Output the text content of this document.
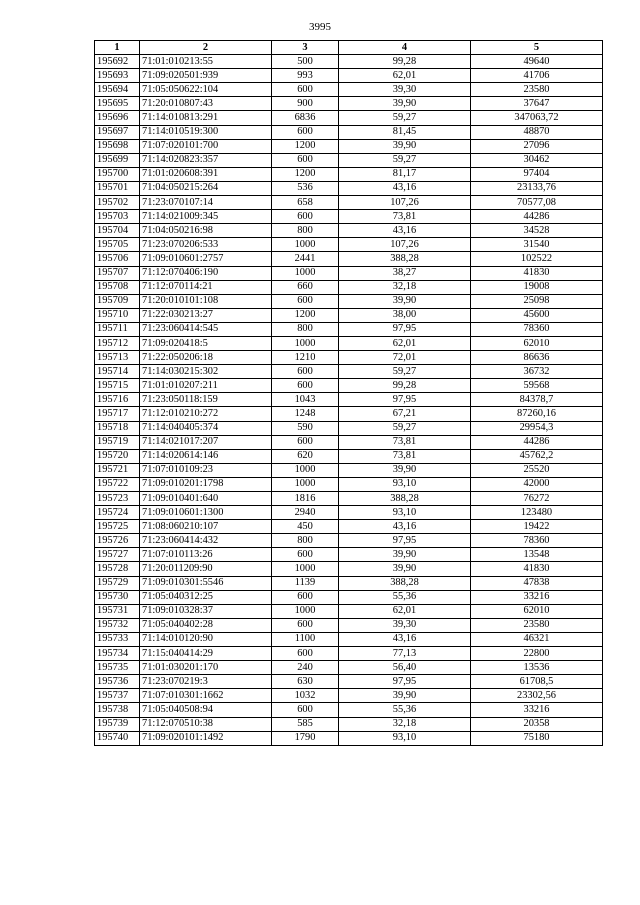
3995
1	2	3	4	5
195692	71:01:010213:55	500	99,28	49640
195693	71:09:020501:939	993	62,01	41706
195694	71:05:050622:104	600	39,30	23580
195695	71:20:010807:43	900	39,90	37647
195696	71:14:010813:291	6836	59,27	347063,72
195697	71:14:010519:300	600	81,45	48870
195698	71:07:020101:700	1200	39,90	27096
195699	71:14:020823:357	600	59,27	30462
195700	71:01:020608:391	1200	81,17	97404
195701	71:04:050215:264	536	43,16	23133,76
195702	71:23:070107:14	658	107,26	70577,08
195703	71:14:021009:345	600	73,81	44286
195704	71:04:050216:98	800	43,16	34528
195705	71:23:070206:533	1000	107,26	31540
195706	71:09:010601:2757	2441	388,28	102522
195707	71:12:070406:190	1000	38,27	41830
195708	71:12:070114:21	660	32,18	19008
195709	71:20:010101:108	600	39,90	25098
195710	71:22:030213:27	1200	38,00	45600
195711	71:23:060414:545	800	97,95	78360
195712	71:09:020418:5	1000	62,01	62010
195713	71:22:050206:18	1210	72,01	86636
195714	71:14:030215:302	600	59,27	36732
195715	71:01:010207:211	600	99,28	59568
195716	71:23:050118:159	1043	97,95	84378,7
195717	71:12:010210:272	1248	67,21	87260,16
195718	71:14:040405:374	590	59,27	29954,3
195719	71:14:021017:207	600	73,81	44286
195720	71:14:020614:146	620	73,81	45762,2
195721	71:07:010109:23	1000	39,90	25520
195722	71:09:010201:1798	1000	93,10	42000
195723	71:09:010401:640	1816	388,28	76272
195724	71:09:010601:1300	2940	93,10	123480
195725	71:08:060210:107	450	43,16	19422
195726	71:23:060414:432	800	97,95	78360
195727	71:07:010113:26	600	39,90	13548
195728	71:20:011209:90	1000	39,90	41830
195729	71:09:010301:5546	1139	388,28	47838
195730	71:05:040312:25	600	55,36	33216
195731	71:09:010328:37	1000	62,01	62010
195732	71:05:040402:28	600	39,30	23580
195733	71:14:010120:90	1100	43,16	46321
195734	71:15:040414:29	600	77,13	22800
195735	71:01:030201:170	240	56,40	13536
195736	71:23:070219:3	630	97,95	61708,5
195737	71:07:010301:1662	1032	39,90	23302,56
195738	71:05:040508:94	600	55,36	33216
195739	71:12:070510:38	585	32,18	20358
195740	71:09:020101:1492	1790	93,10	75180
